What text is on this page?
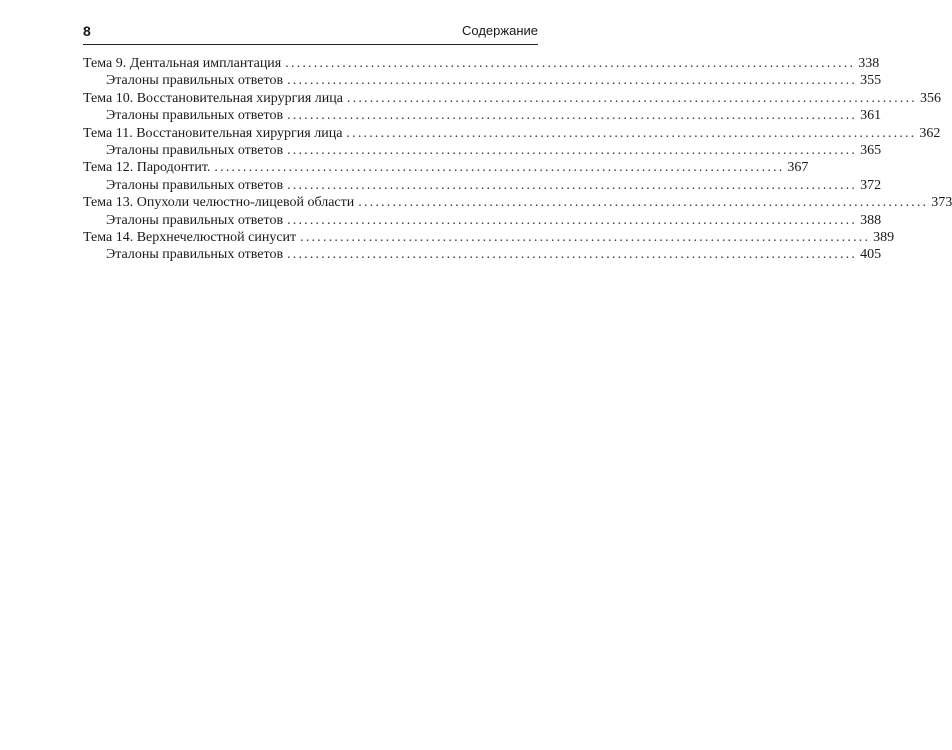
8	Содержание
Тема 9. Дентальная имплантация .................................................................................................... 338
Эталоны правильных ответов .................................................................................................... 355
Тема 10. Восстановительная хирургия лица .................................................................................................... 356
Эталоны правильных ответов .................................................................................................... 361
Тема 11. Восстановительная хирургия лица .................................................................................................... 362
Эталоны правильных ответов .................................................................................................... 365
Тема 12. Пародонтит. .................................................................................................... 367
Эталоны правильных ответов .................................................................................................... 372
Тема 13. Опухоли челюстно-лицевой области .................................................................................................... 373
Эталоны правильных ответов .................................................................................................... 388
Тема 14. Верхнечелюстной синусит .................................................................................................... 389
Эталоны правильных ответов .................................................................................................... 405
